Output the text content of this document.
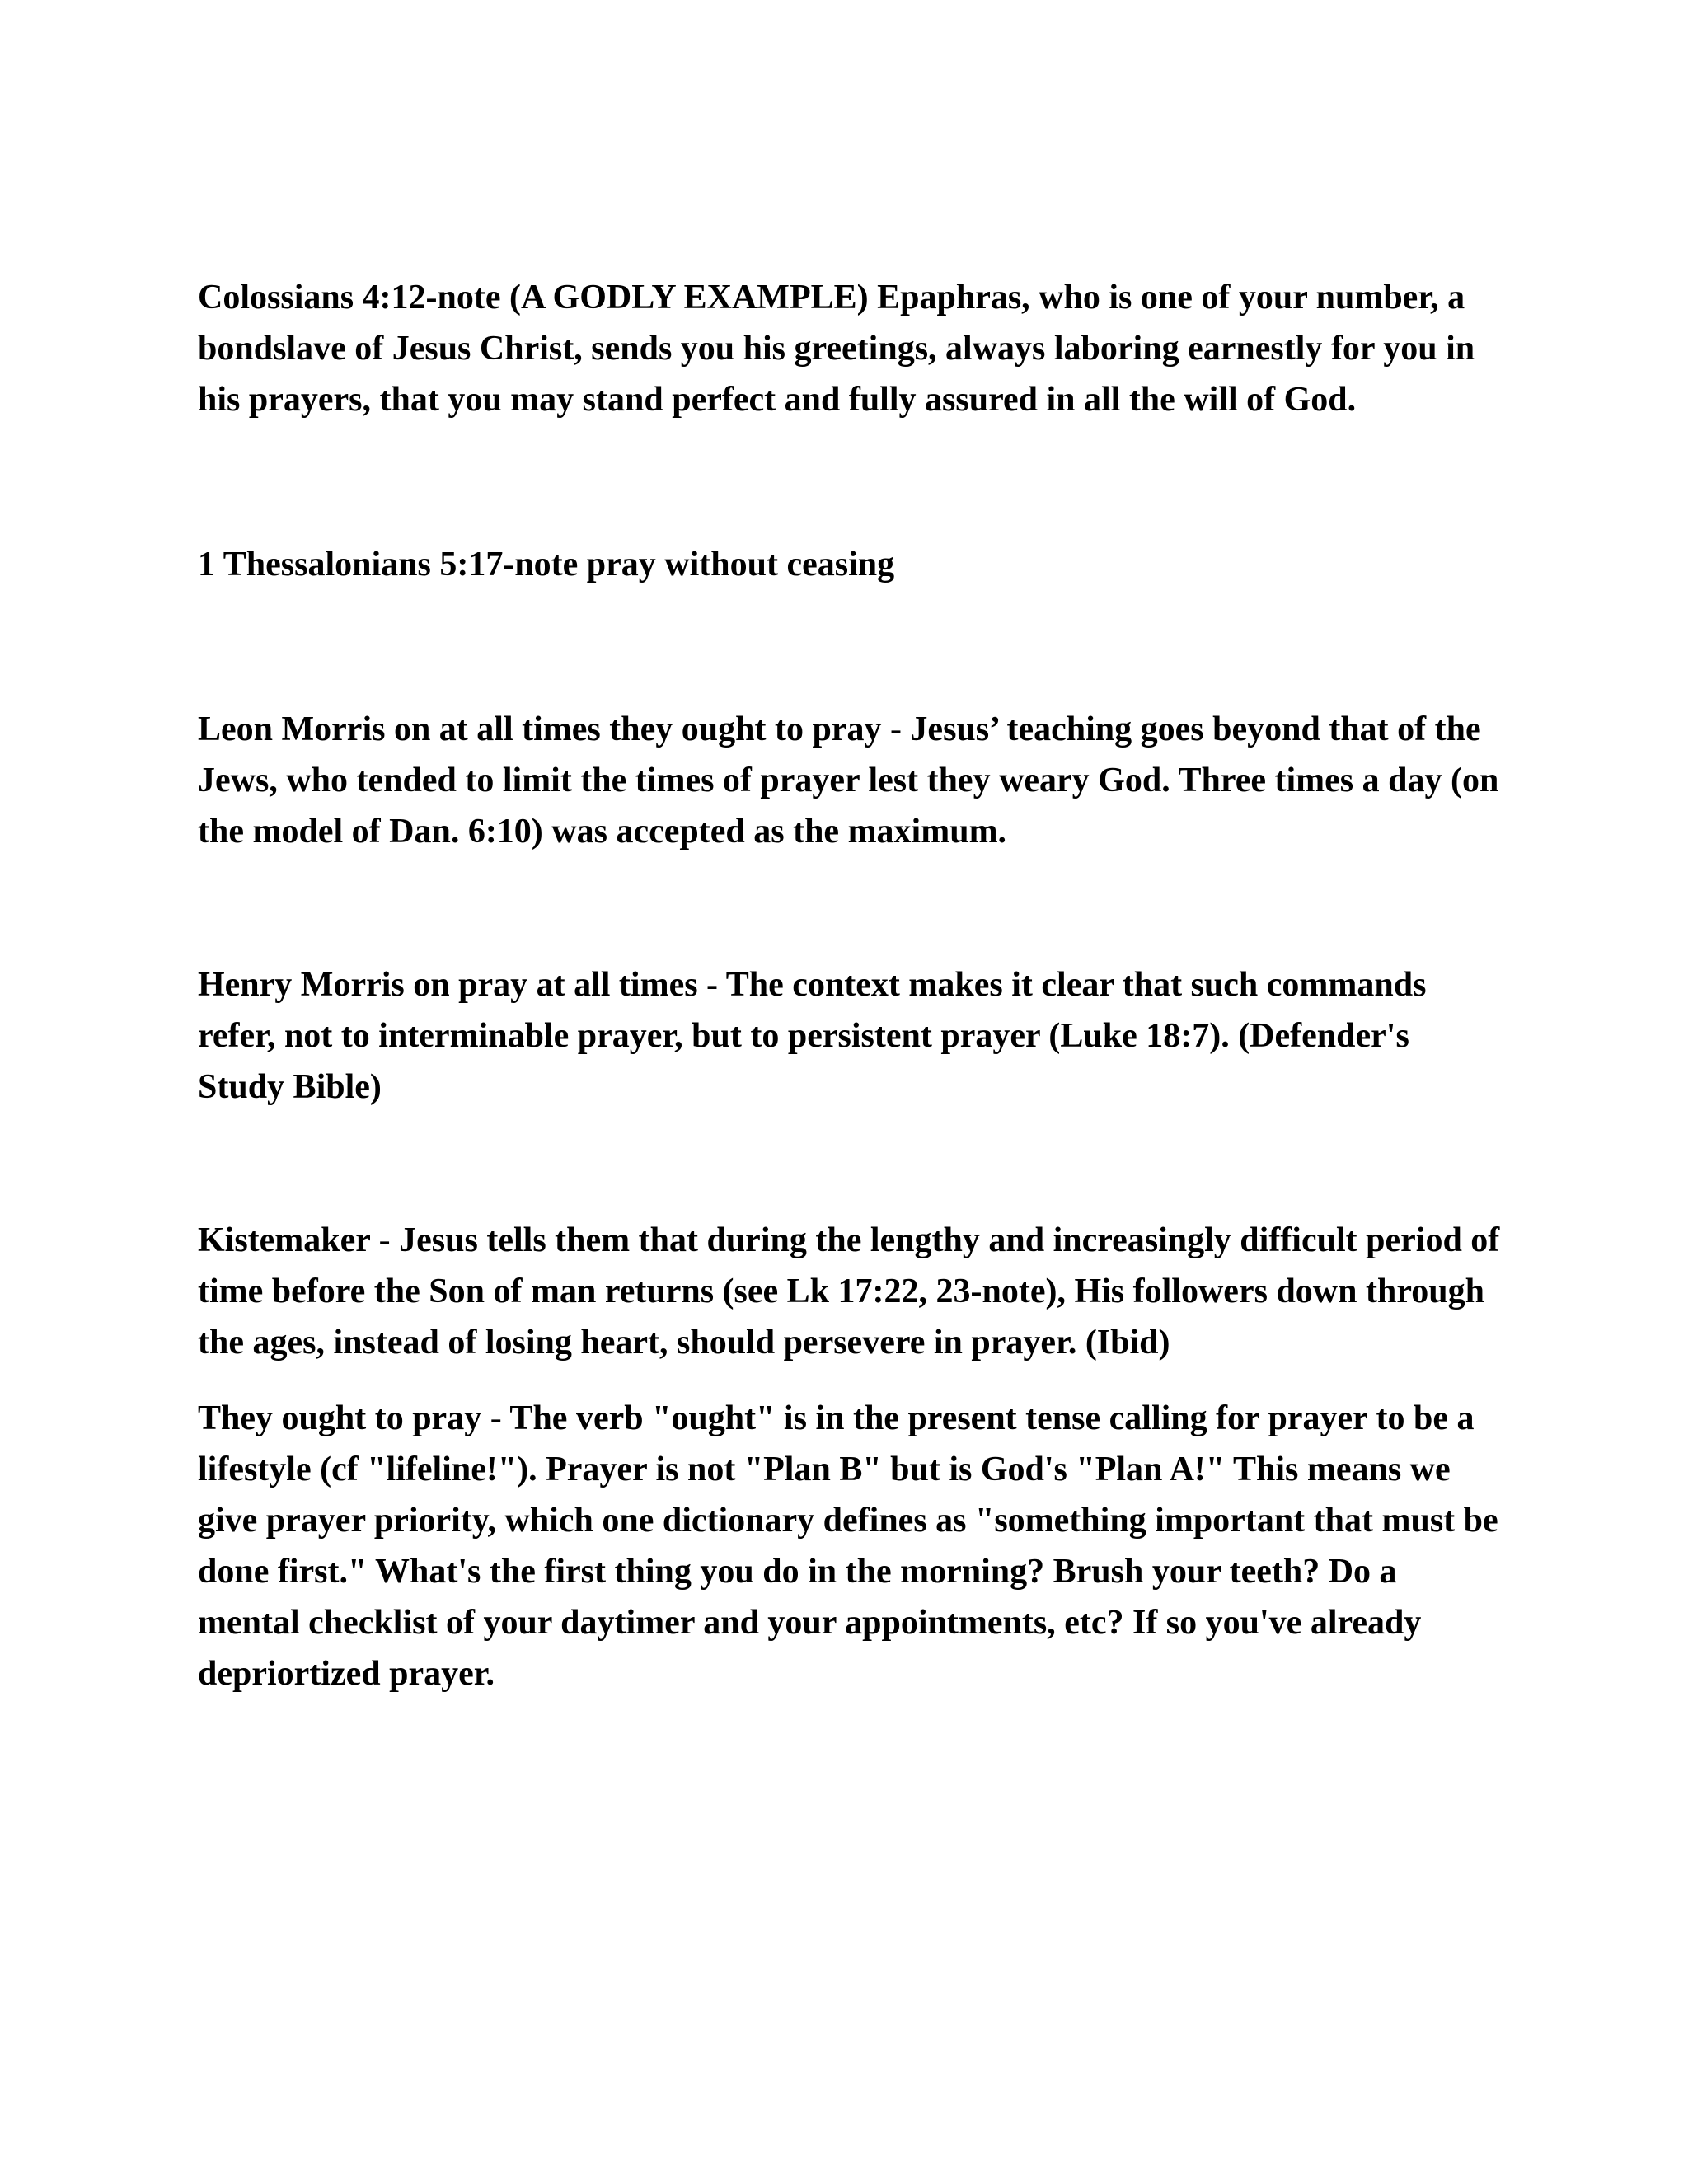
Colossians 4:12-note (A GODLY EXAMPLE) Epaphras, who is one of your number, a bondslave of Jesus Christ, sends you his greetings, always laboring earnestly for you in his prayers, that you may stand perfect and fully assured in all the will of God.

1 Thessalonians 5:17-note pray without ceasing

Leon Morris on at all times they ought to pray - Jesus’ teaching goes beyond that of the Jews, who tended to limit the times of prayer lest they weary God. Three times a day (on the model of Dan. 6:10) was accepted as the maximum.

Henry Morris on pray at all times - The context makes it clear that such commands refer, not to interminable prayer, but to persistent prayer (Luke 18:7). (Defender's Study Bible)

Kistemaker - Jesus tells them that during the lengthy and increasingly difficult period of time before the Son of man returns (see Lk 17:22, 23-note), His followers down through the ages, instead of losing heart, should persevere in prayer. (Ibid)

They ought to pray - The verb "ought" is in the present tense calling for prayer to be a lifestyle (cf "lifeline!"). Prayer is not "Plan B" but is God's "Plan A!" This means we give prayer priority, which one dictionary defines as "something important that must be done first." What's the first thing you do in the morning? Brush your teeth? Do a mental checklist of your daytimer and your appointments, etc? If so you've already depriortized prayer.
